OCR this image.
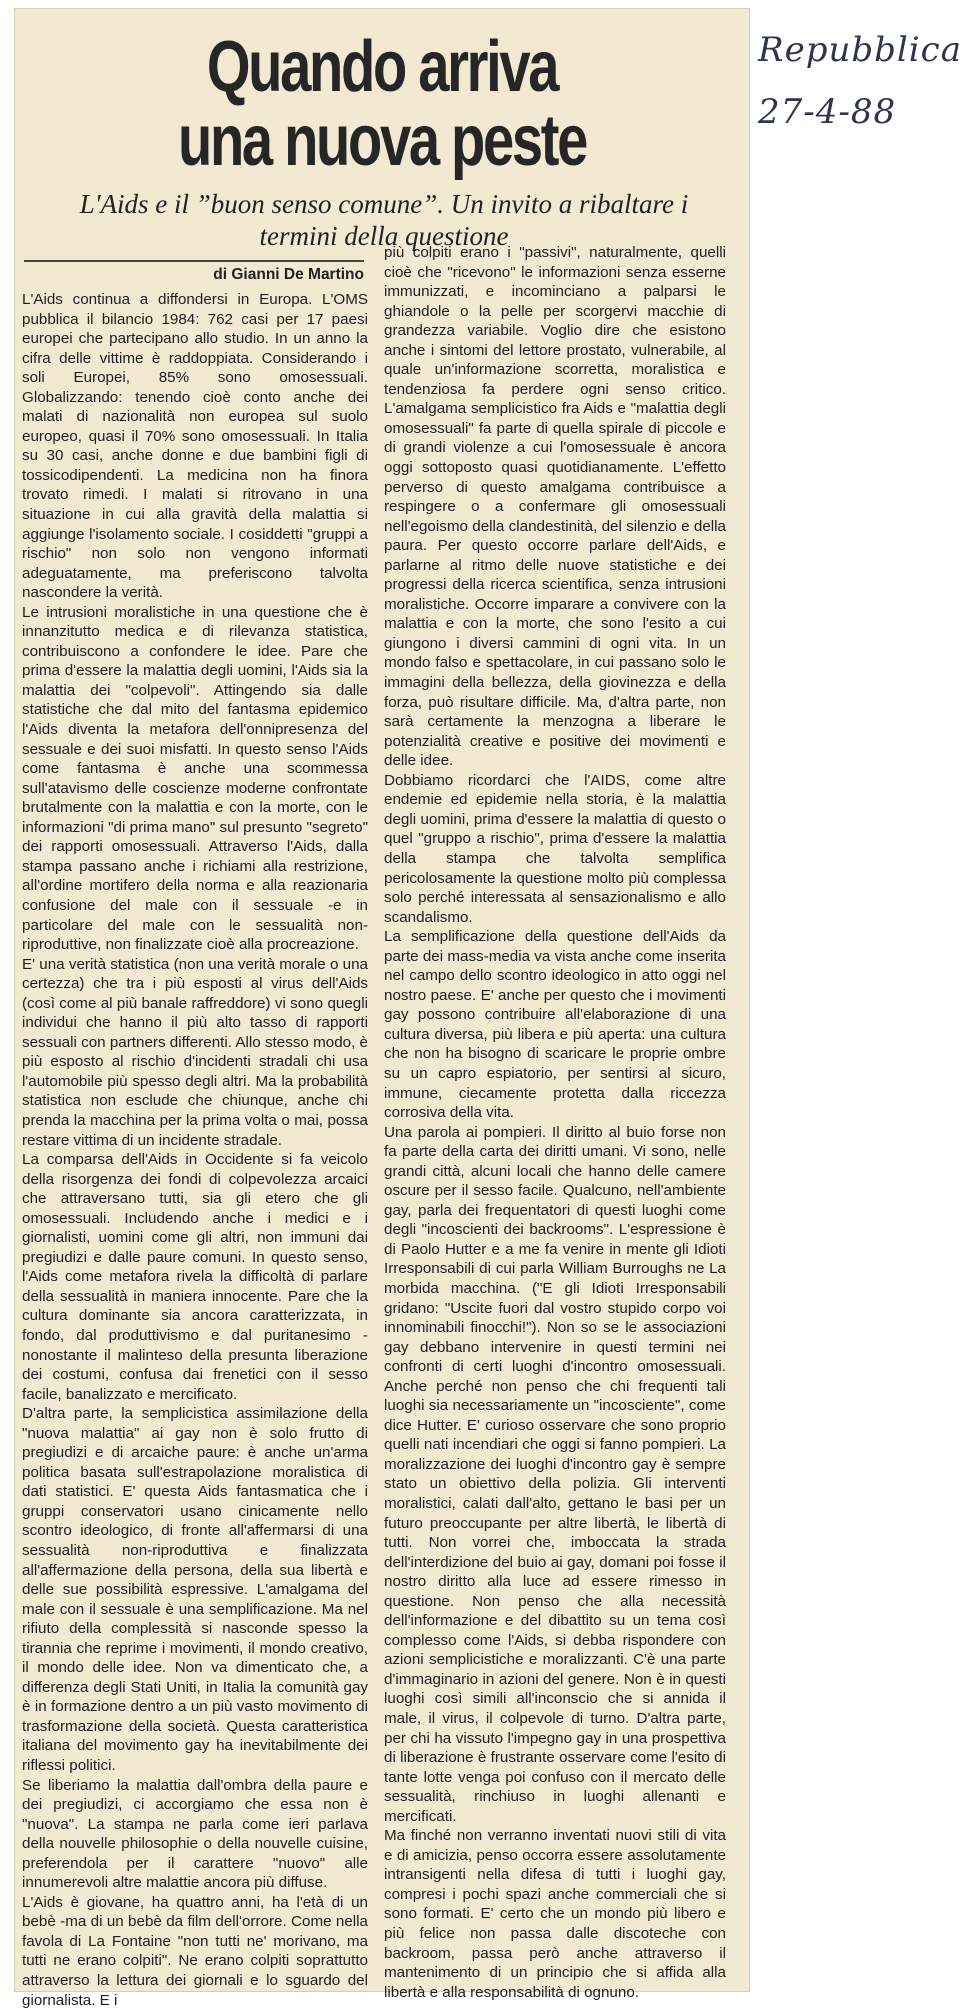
Quando arriva
una nuova peste
L'Aids e il ”buon senso comune”. Un invito a ribaltare i termini della questione
di Gianni De Martino

L'Aids continua a diffondersi in Europa. L'OMS pubblica il bilancio 1984: 762 casi per 17 paesi europei che partecipano allo studio. In un anno la cifra delle vittime è raddoppiata. Considerando i soli Europei, 85% sono omosessuali. Globalizzando: tenendo cioè conto anche dei malati di nazionalità non europea sul suolo europeo, quasi il 70% sono omosessuali. In Italia su 30 casi, anche donne e due bambini figli di tossicodipendenti. La medicina non ha finora trovato rimedi. I malati si ritrovano in una situazione in cui alla gravità della malattia si aggiunge l'isolamento sociale. I cosiddetti "gruppi a rischio" non solo non vengono informati adeguatamente, ma preferiscono talvolta nascondere la verità.

Le intrusioni moralistiche in una questione che è innanzitutto medica e di rilevanza statistica, contribuiscono a confondere le idee. Pare che prima d'essere la malattia degli uomini, l'Aids sia la malattia dei "colpevoli". Attingendo sia dalle statistiche che dal mito del fantasma epidemico l'Aids diventa la metafora dell'onnipresenza del sessuale e dei suoi misfatti. In questo senso l'Aids come fantasma è anche una scommessa sull'atavismo delle coscienze moderne confrontate brutalmente con la malattia e con la morte, con le informazioni "di prima mano" sul presunto "segreto" dei rapporti omosessuali. Attraverso l'Aids, dalla stampa passano anche i richiami alla restrizione, all'ordine mortifero della norma e alla reazionaria confusione del male con il sessuale -e in particolare del male con le sessualità non-riproduttive, non finalizzate cioè alla procreazione.

E' una verità statistica (non una verità morale o una certezza) che tra i più esposti al virus dell'Aids (così come al più banale raffreddore) vi sono quegli individui che hanno il più alto tasso di rapporti sessuali con partners differenti. Allo stesso modo, è più esposto al rischio d'incidenti stradali chi usa l'automobile più spesso degli altri. Ma la probabilità statistica non esclude che chiunque, anche chi prenda la macchina per la prima volta o mai, possa restare vittima di un incidente stradale.

La comparsa dell'Aids in Occidente si fa veicolo della risorgenza dei fondi di colpevolezza arcaici che attraversano tutti, sia gli etero che gli omosessuali. Includendo anche i medici e i giornalisti, uomini come gli altri, non immuni dai pregiudizi e dalle paure comuni. In questo senso, l'Aids come metafora rivela la difficoltà di parlare della sessualità in maniera innocente. Pare che la cultura dominante sia ancora caratterizzata, in fondo, dal produttivismo e dal puritanesimo -nonostante il malinteso della presunta liberazione dei costumi, confusa dai frenetici con il sesso facile, banalizzato e mercificato.

D'altra parte, la semplicistica assimilazione della "nuova malattia" ai gay non è solo frutto di pregiudizi e di arcaiche paure: è anche un'arma politica basata sull'estrapolazione moralistica di dati statistici. E' questa Aids fantasmatica che i gruppi conservatori usano cinicamente nello scontro ideologico, di fronte all'affermarsi di una sessualità non-riproduttiva e finalizzata all'affermazione della persona, della sua libertà e delle sue possibilità espressive. L'amalgama del male con il sessuale è una semplificazione. Ma nel rifiuto della complessità si nasconde spesso la tirannia che reprime i movimenti, il mondo creativo, il mondo delle idee. Non va dimenticato che, a differenza degli Stati Uniti, in Italia la comunità gay è in formazione dentro a un più vasto movimento di trasformazione della società. Questa caratteristica italiana del movimento gay ha inevitabilmente dei riflessi politici.

Se liberiamo la malattia dall'ombra della paure e dei pregiudizi, ci accorgiamo che essa non è "nuova". La stampa ne parla come ieri parlava della nouvelle philosophie o della nouvelle cuisine, preferendola per il carattere "nuovo" alle innumerevoli altre malattie ancora più diffuse.

L'Aids è giovane, ha quattro anni, ha l'età di un bebè -ma di un bebè da film dell'orrore. Come nella favola di La Fontaine "non tutti ne' morivano, ma tutti ne erano colpiti". Ne erano colpiti soprattutto attraverso la lettura dei giornali e lo sguardo del giornalista. E i

più colpiti erano i "passivi", naturalmente, quelli cioè che "ricevono" le informazioni senza esserne immunizzati, e incominciano a palparsi le ghiandole o la pelle per scorgervi macchie di grandezza variabile. Voglio dire che esistono anche i sintomi del lettore prostato, vulnerabile, al quale un'informazione scorretta, moralistica e tendenziosa fa perdere ogni senso critico. L'amalgama semplicistico fra Aids e "malattia degli omosessuali" fa parte di quella spirale di piccole e di grandi violenze a cui l'omosessuale è ancora oggi sottoposto quasi quotidianamente. L'effetto perverso di questo amalgama contribuisce a respingere o a confermare gli omosessuali nell'egoismo della clandestinità, del silenzio e della paura. Per questo occorre parlare dell'Aids, e parlarne al ritmo delle nuove statistiche e dei progressi della ricerca scientifica, senza intrusioni moralistiche. Occorre imparare a convivere con la malattia e con la morte, che sono l'esito a cui giungono i diversi cammini di ogni vita. In un mondo falso e spettacolare, in cui passano solo le immagini della bellezza, della giovinezza e della forza, può risultare difficile. Ma, d'altra parte, non sarà certamente la menzogna a liberare le potenzialità creative e positive dei movimenti e delle idee.

Dobbiamo ricordarci che l'AIDS, come altre endemie ed epidemie nella storia, è la malattia degli uomini, prima d'essere la malattia di questo o quel "gruppo a rischio", prima d'essere la malattia della stampa che talvolta semplifica pericolosamente la questione molto più complessa solo perché interessata al sensazionalismo e allo scandalismo.

La semplificazione della questione dell'Aids da parte dei mass-media va vista anche come inserita nel campo dello scontro ideologico in atto oggi nel nostro paese. E' anche per questo che i movimenti gay possono contribuire all'elaborazione di una cultura diversa, più libera e più aperta: una cultura che non ha bisogno di scaricare le proprie ombre su un capro espiatorio, per sentirsi al sicuro, immune, ciecamente protetta dalla riccezza corrosiva della vita.

Una parola ai pompieri. Il diritto al buio forse non fa parte della carta dei diritti umani. Vi sono, nelle grandi città, alcuni locali che hanno delle camere oscure per il sesso facile. Qualcuno, nell'ambiente gay, parla dei frequentatori di questi luoghi come degli "incoscienti dei backrooms". L'espressione è di Paolo Hutter e a me fa venire in mente gli Idioti Irresponsabili di cui parla William Burroughs ne La morbida macchina. ("E gli Idioti Irresponsabili gridano: "Uscite fuori dal vostro stupido corpo voi innominabili finocchi!"). Non so se le associazioni gay debbano intervenire in questi termini nei confronti di certi luoghi d'incontro omosessuali. Anche perché non penso che chi frequenti tali luoghi sia necessariamente un "incosciente", come dice Hutter. E' curioso osservare che sono proprio quelli nati incendiari che oggi si fanno pompieri. La moralizzazione dei luoghi d'incontro gay è sempre stato un obiettivo della polizia. Gli interventi moralistici, calati dall'alto, gettano le basi per un futuro preoccupante per altre libertà, le libertà di tutti. Non vorrei che, imboccata la strada dell'interdizione del buio ai gay, domani poi fosse il nostro diritto alla luce ad essere rimesso in questione. Non penso che alla necessità dell'informazione e del dibattito su un tema così complesso come l'Aids, si debba rispondere con azioni semplicistiche e moralizzanti. C'è una parte d'immaginario in azioni del genere. Non è in questi luoghi così simili all'inconscio che si annida il male, il virus, il colpevole di turno. D'altra parte, per chi ha vissuto l'impegno gay in una prospettiva di liberazione è frustrante osservare come l'esito di tante lotte venga poi confuso con il mercato delle sessualità, rinchiuso in luoghi allenanti e mercificati.

Ma finché non verranno inventati nuovi stili di vita e di amicizia, penso occorra essere assolutamente intransigenti nella difesa di tutti i luoghi gay, compresi i pochi spazi anche commerciali che si sono formati. E' certo che un mondo più libero e più felice non passa dalle discoteche con backroom, passa però anche attraverso il mantenimento di un principio che si affida alla libertà e alla responsabilità di ognuno.

Repubblica
27-4-88
